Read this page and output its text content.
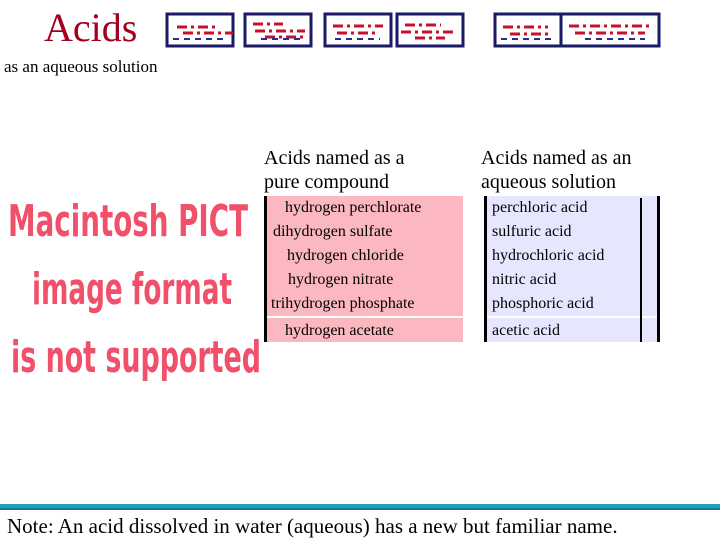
Acids
as an aqueous solution
Macintosh PICT
image format
is not supported
Acids named as a
pure compound
Acids named as an
aqueous solution
hydrogen perchlorate
dihydrogen sulfate
hydrogen chloride
hydrogen nitrate
trihydrogen phosphate
hydrogen acetate
perchloric acid
sulfuric acid
hydrochloric acid
nitric acid
phosphoric acid
acetic acid
Note: An acid dissolved in water (aqueous) has a new but familiar name.
